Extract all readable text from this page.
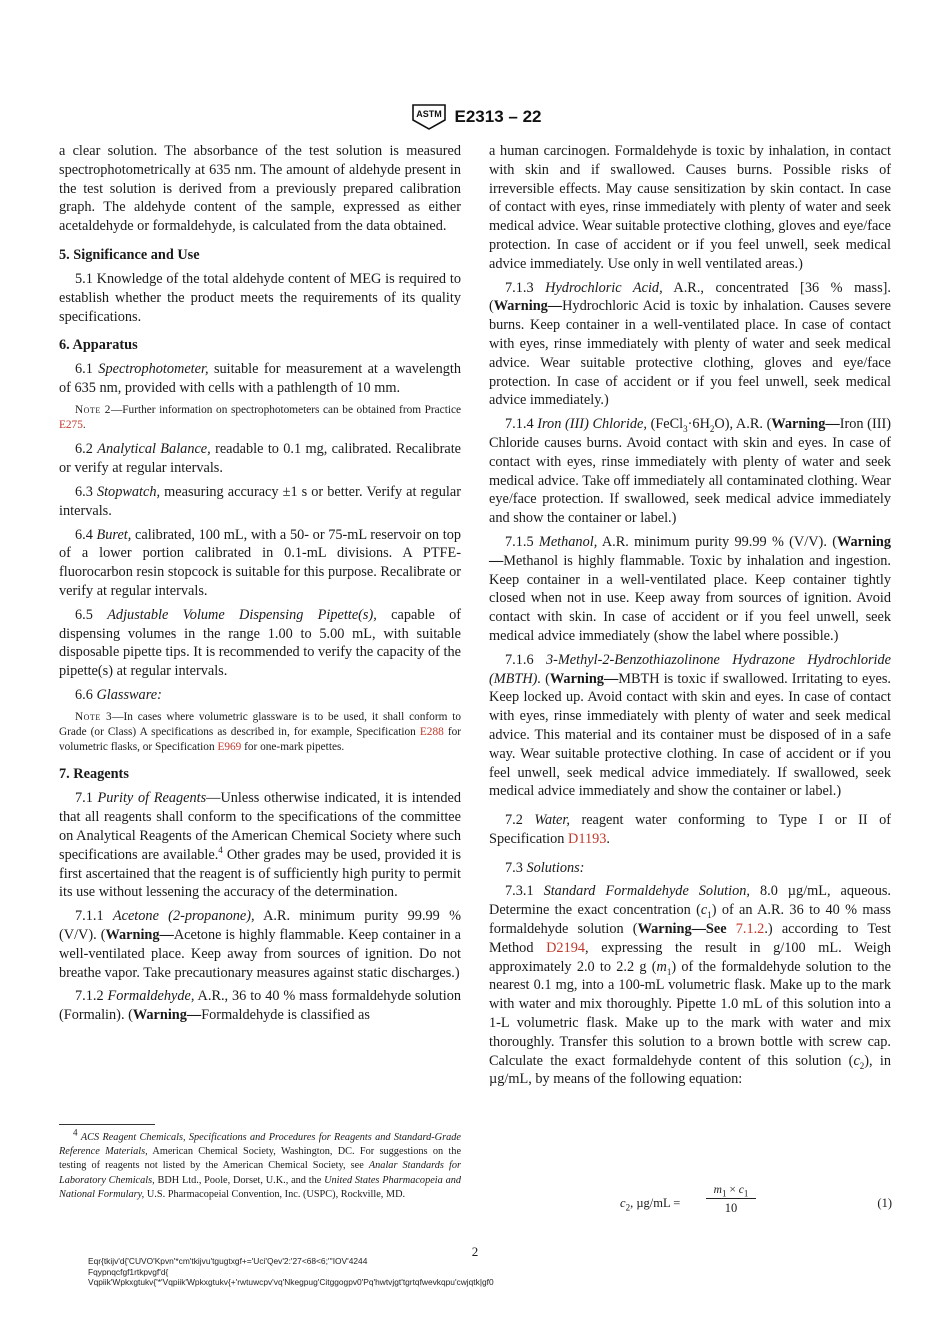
ASTM E2313 – 22

a clear solution. The absorbance of the test solution is measured spectrophotometrically at 635 nm. The amount of aldehyde present in the test solution is derived from a previously prepared calibration graph. The aldehyde content of the sample, expressed as either acetaldehyde or formaldehyde, is calculated from the data obtained.

5. Significance and Use

5.1 Knowledge of the total aldehyde content of MEG is required to establish whether the product meets the requirements of its quality specifications.

6. Apparatus

6.1 Spectrophotometer, suitable for measurement at a wavelength of 635 nm, provided with cells with a pathlength of 10 mm.

Note 2—Further information on spectrophotometers can be obtained from Practice E275.

6.2 Analytical Balance, readable to 0.1 mg, calibrated. Recalibrate or verify at regular intervals.

6.3 Stopwatch, measuring accuracy ±1 s or better. Verify at regular intervals.

6.4 Buret, calibrated, 100 mL, with a 50- or 75-mL reservoir on top of a lower portion calibrated in 0.1-mL divisions. A PTFE-fluorocarbon resin stopcock is suitable for this purpose. Recalibrate or verify at regular intervals.

6.5 Adjustable Volume Dispensing Pipette(s), capable of dispensing volumes in the range 1.00 to 5.00 mL, with suitable disposable pipette tips. It is recommended to verify the capacity of the pipette(s) at regular intervals.

6.6 Glassware:

Note 3—In cases where volumetric glassware is to be used, it shall conform to Grade (or Class) A specifications as described in, for example, Specification E288 for volumetric flasks, or Specification E969 for one-mark pipettes.

7. Reagents

7.1 Purity of Reagents—Unless otherwise indicated, it is intended that all reagents shall conform to the specifications of the committee on Analytical Reagents of the American Chemical Society where such specifications are available.$^4$ Other grades may be used, provided it is first ascertained that the reagent is of sufficiently high purity to permit its use without lessening the accuracy of the determination.

7.1.1 Acetone (2-propanone), A.R. minimum purity 99.99 % (V/V). (Warning—Acetone is highly flammable. Keep container in a well-ventilated place. Keep away from sources of ignition. Do not breathe vapor. Take precautionary measures against static discharges.)

7.1.2 Formaldehyde, A.R., 36 to 40 % mass formaldehyde solution (Formalin). (Warning—Formaldehyde is classified as

$^4$ ACS Reagent Chemicals, Specifications and Procedures for Reagents and Standard-Grade Reference Materials, American Chemical Society, Washington, DC. For suggestions on the testing of reagents not listed by the American Chemical Society, see Analar Standards for Laboratory Chemicals, BDH Ltd., Poole, Dorset, U.K., and the United States Pharmacopeia and National Formulary, U.S. Pharmacopeial Convention, Inc. (USPC), Rockville, MD.

a human carcinogen. Formaldehyde is toxic by inhalation, in contact with skin and if swallowed. Causes burns. Possible risks of irreversible effects. May cause sensitization by skin contact. In case of contact with eyes, rinse immediately with plenty of water and seek medical advice. Wear suitable protective clothing, gloves and eye/face protection. In case of accident or if you feel unwell, seek medical advice immediately. Use only in well ventilated areas.)

7.1.3 Hydrochloric Acid, A.R., concentrated [36 % mass]. (Warning—Hydrochloric Acid is toxic by inhalation. Causes severe burns. Keep container in a well-ventilated place. In case of contact with eyes, rinse immediately with plenty of water and seek medical advice. Wear suitable protective clothing, gloves and eye/face protection. In case of accident or if you feel unwell, seek medical advice immediately.)

7.1.4 Iron (III) Chloride, $(FeCl_3\cdot 6H_2O)$, A.R. (Warning—Iron (III) Chloride causes burns. Avoid contact with skin and eyes. In case of contact with eyes, rinse immediately with plenty of water and seek medical advice. Take off immediately all contaminated clothing. Wear eye/face protection. If swallowed, seek medical advice immediately and show the container or label.)

7.1.5 Methanol, A.R. minimum purity 99.99 % (V/V). (Warning—Methanol is highly flammable. Toxic by inhalation and ingestion. Keep container in a well-ventilated place. Keep container tightly closed when not in use. Keep away from sources of ignition. Avoid contact with skin. In case of accident or if you feel unwell, seek medical advice immediately (show the label where possible.)

7.1.6 3-Methyl-2-Benzothiazolinone Hydrazone Hydrochloride (MBTH). (Warning—MBTH is toxic if swallowed. Irritating to eyes. Keep locked up. Avoid contact with skin and eyes. In case of contact with eyes, rinse immediately with plenty of water and seek medical advice. This material and its container must be disposed of in a safe way. Wear suitable protective clothing. In case of accident or if you feel unwell, seek medical advice immediately. If swallowed, seek medical advice immediately and show the container or label.)

7.2 Water, reagent water conforming to Type I or II of Specification D1193.

7.3 Solutions:

7.3.1 Standard Formaldehyde Solution, 8.0 µg/mL, aqueous. Determine the exact concentration $(c_1)$ of an A.R. 36 to 40 % mass formaldehyde solution (Warning—See 7.1.2.) according to Test Method D2194, expressing the result in g/100 mL. Weigh approximately 2.0 to 2.2 g $(m_1)$ of the formaldehyde solution to the nearest 0.1 mg, into a 100-mL volumetric flask. Make up to the mark with water and mix thoroughly. Pipette 1.0 mL of this solution into a 1-L volumetric flask. Make up to the mark with water and mix thoroughly. Transfer this solution to a brown bottle with screw cap. Calculate the exact formaldehyde content of this solution $(c_2)$, in µg/mL, by means of the following equation:

$c_2$, $\mu g/mL = \frac{m_1 \times c_1}{10}$	(1)
2
Eqr{tkijv'd{'CUVO'Kpvn'*cm'tkijvu'tgugtxgf+='Uci'Qev'2:'27<68<6;'''IOV'4244
Fqypnqcfgf1rtkpvgf'd{
Vqpiik'Wpkxgtukv{'*'Vqpiik'Wpkxgtukv{+'rwtuwcpv'vq'Nkegpug'Citggogpv0'Pq'hwtvjgt'tgrtqfwevkqpu'cwjqtk|gf0
